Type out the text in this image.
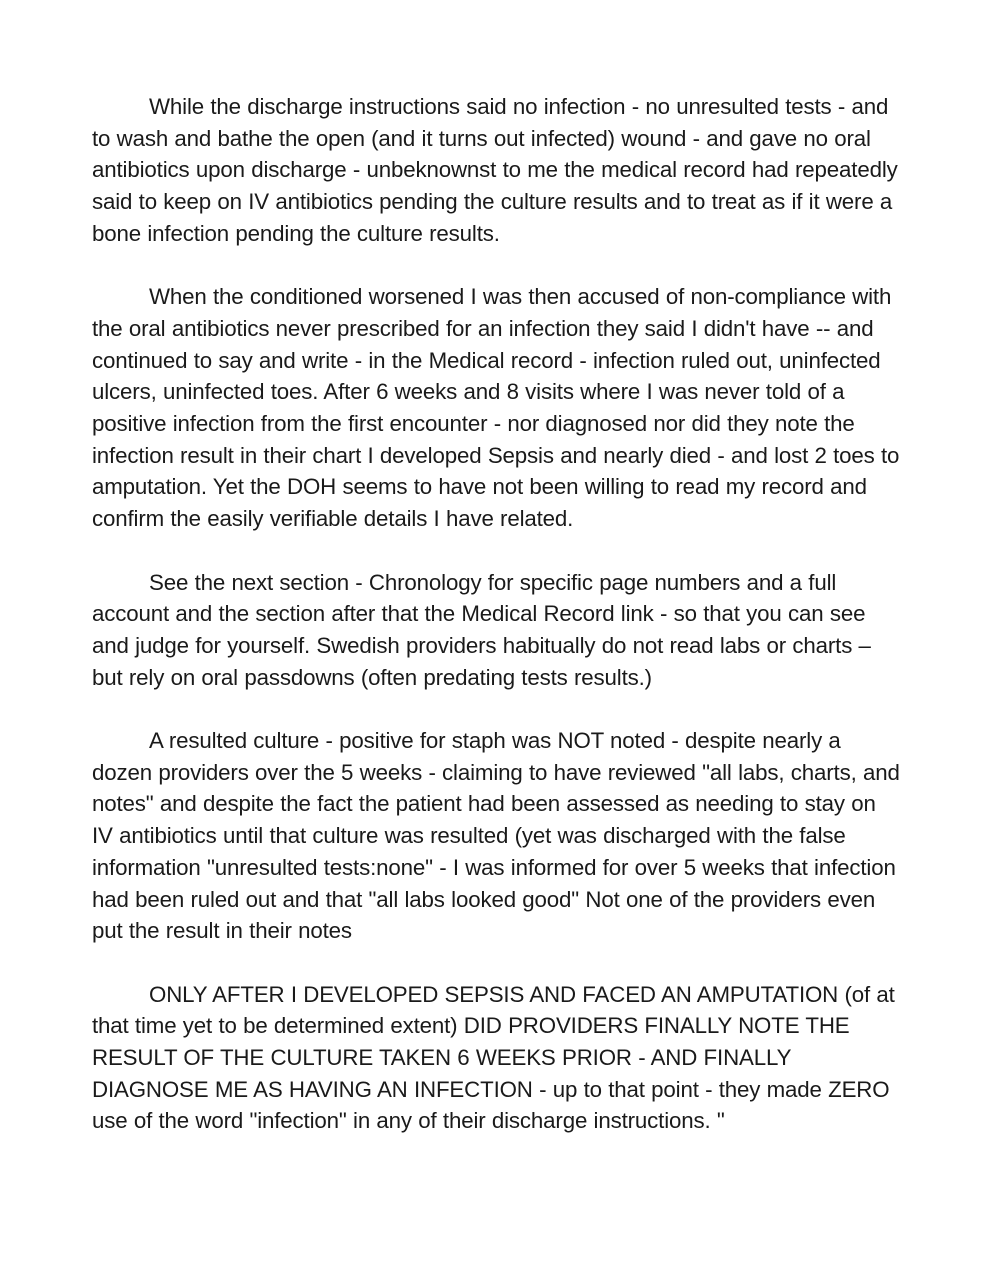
While the discharge instructions said no infection - no unresulted tests - and to wash and bathe the open (and it turns out infected) wound - and gave no oral antibiotics upon discharge - unbeknownst to me the medical record had repeatedly said to keep on IV antibiotics pending the culture results and to treat as if it were a bone infection pending the culture results.

When the conditioned worsened I was then accused of non-compliance with the oral antibiotics never prescribed for an infection they said I didn't have -- and continued to say and write - in the Medical record - infection ruled out, uninfected ulcers, uninfected toes. After 6 weeks and 8 visits where I was never told of a positive infection from the first encounter - nor diagnosed nor did they note the infection result in their chart I developed Sepsis and nearly died - and lost 2 toes to amputation. Yet the DOH seems to have not been willing to read my record and confirm the easily verifiable details I have related.

See the next section - Chronology for specific page numbers and a full account and the section after that the Medical Record link - so that you can see and judge for yourself. Swedish providers habitually do not read labs or charts – but rely on oral passdowns (often predating tests results.)

A resulted culture - positive for staph was NOT noted - despite nearly a dozen providers over the 5 weeks - claiming to have reviewed "all labs, charts, and notes" and despite the fact the patient had been assessed as needing to stay on IV antibiotics until that culture was resulted (yet was discharged with the false information "unresulted tests:none" - I was informed for over 5 weeks that infection had been ruled out and that "all labs looked good" Not one of the providers even put the result in their notes

ONLY AFTER I DEVELOPED SEPSIS AND FACED AN AMPUTATION (of at that time yet to be determined extent) DID PROVIDERS FINALLY NOTE THE RESULT OF THE CULTURE TAKEN 6 WEEKS PRIOR - AND FINALLY DIAGNOSE ME AS HAVING AN INFECTION - up to that point - they made ZERO use of the word "infection" in any of their discharge instructions. "
